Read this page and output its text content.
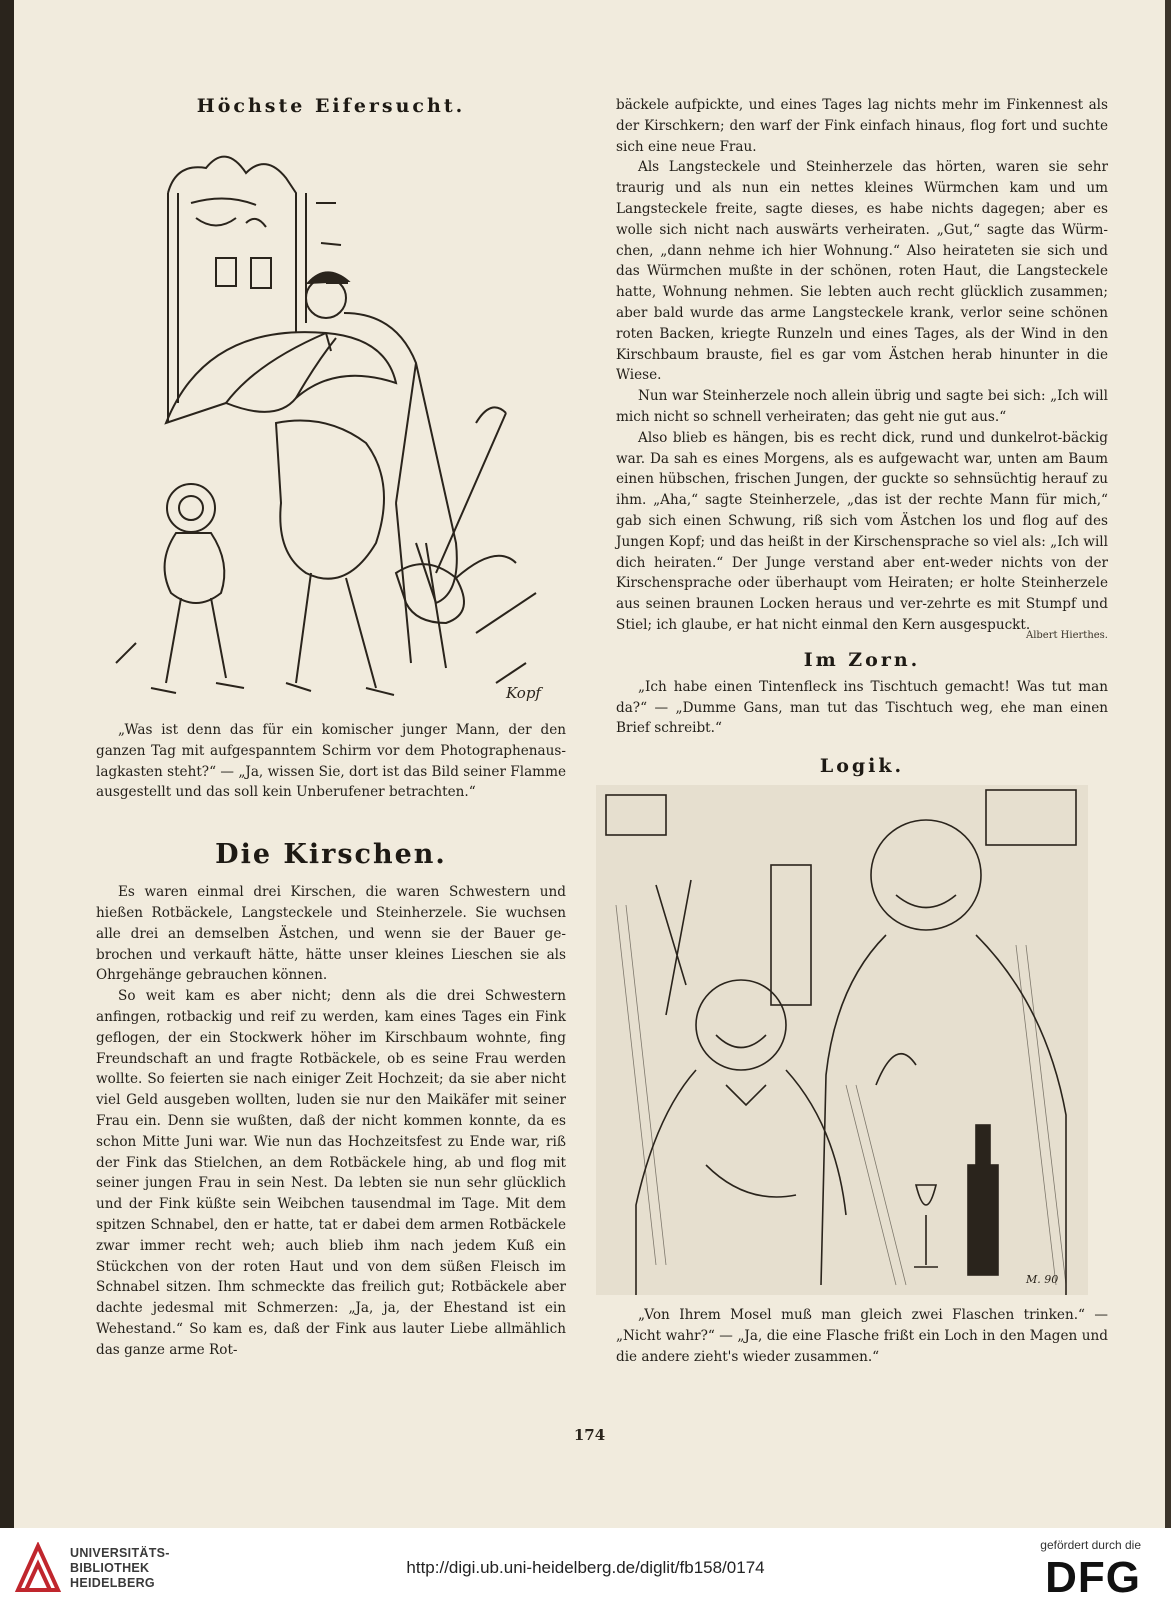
Höchste Eifersucht.
Kopf

„Was ist denn das für ein komischer junger Mann, der den ganzen Tag mit aufgespanntem Schirm vor dem Photographenaus-lagkasten steht?“ — „Ja, wissen Sie, dort ist das Bild seiner Flamme ausgestellt und das soll kein Unberufener betrachten.“

Die Kirschen.

Es waren einmal drei Kirschen, die waren Schwestern und hießen Rotbäckele, Langsteckele und Steinherzele. Sie wuchsen alle drei an demselben Ästchen, und wenn sie der Bauer ge-brochen und verkauft hätte, hätte unser kleines Lieschen sie als Ohrgehänge gebrauchen können.

So weit kam es aber nicht; denn als die drei Schwestern anfingen, rotbackig und reif zu werden, kam eines Tages ein Fink geflogen, der ein Stockwerk höher im Kirschbaum wohnte, fing Freundschaft an und fragte Rotbäckele, ob es seine Frau werden wollte. So feierten sie nach einiger Zeit Hochzeit; da sie aber nicht viel Geld ausgeben wollten, luden sie nur den Maikäfer mit seiner Frau ein. Denn sie wußten, daß der nicht kommen konnte, da es schon Mitte Juni war. Wie nun das Hochzeitsfest zu Ende war, riß der Fink das Stielchen, an dem Rotbäckele hing, ab und flog mit seiner jungen Frau in sein Nest. Da lebten sie nun sehr glücklich und der Fink küßte sein Weibchen tausendmal im Tage. Mit dem spitzen Schnabel, den er hatte, tat er dabei dem armen Rotbäckele zwar immer recht weh; auch blieb ihm nach jedem Kuß ein Stückchen von der roten Haut und von dem süßen Fleisch im Schnabel sitzen. Ihm schmeckte das freilich gut; Rotbäckele aber dachte jedesmal mit Schmerzen: „Ja, ja, der Ehestand ist ein Wehestand.“ So kam es, daß der Fink aus lauter Liebe allmählich das ganze arme Rot-

bäckele aufpickte, und eines Tages lag nichts mehr im Finkennest als der Kirschkern; den warf der Fink einfach hinaus, flog fort und suchte sich eine neue Frau.

Als Langsteckele und Steinherzele das hörten, waren sie sehr traurig und als nun ein nettes kleines Würmchen kam und um Langsteckele freite, sagte dieses, es habe nichts dagegen; aber es wolle sich nicht nach auswärts verheiraten. „Gut,“ sagte das Würm-chen, „dann nehme ich hier Wohnung.“ Also heirateten sie sich und das Würmchen mußte in der schönen, roten Haut, die Langsteckele hatte, Wohnung nehmen. Sie lebten auch recht glücklich zusammen; aber bald wurde das arme Langsteckele krank, verlor seine schönen roten Backen, kriegte Runzeln und eines Tages, als der Wind in den Kirschbaum brauste, fiel es gar vom Ästchen herab hinunter in die Wiese.

Nun war Steinherzele noch allein übrig und sagte bei sich: „Ich will mich nicht so schnell verheiraten; das geht nie gut aus.“

Also blieb es hängen, bis es recht dick, rund und dunkelrot-bäckig war. Da sah es eines Morgens, als es aufgewacht war, unten am Baum einen hübschen, frischen Jungen, der guckte so sehnsüchtig herauf zu ihm. „Aha,“ sagte Steinherzele, „das ist der rechte Mann für mich,“ gab sich einen Schwung, riß sich vom Ästchen los und flog auf des Jungen Kopf; und das heißt in der Kirschensprache so viel als: „Ich will dich heiraten.“ Der Junge verstand aber ent-weder nichts von der Kirschensprache oder überhaupt vom Heiraten; er holte Steinherzele aus seinen braunen Locken heraus und ver-zehrte es mit Stumpf und Stiel; ich glaube, er hat nicht einmal den Kern ausgespuckt.

Albert Hierthes.
Im Zorn.

„Ich habe einen Tintenfleck ins Tischtuch gemacht! Was tut man da?“ — „Dumme Gans, man tut das Tischtuch weg, ehe man einen Brief schreibt.“

Logik.
M. 90

„Von Ihrem Mosel muß man gleich zwei Flaschen trinken.“ — „Nicht wahr?“ — „Ja, die eine Flasche frißt ein Loch in den Magen und die andere zieht's wieder zusammen.“

174
UNIVERSITÄTS-
BIBLIOTHEK
HEIDELBERG
http://digi.ub.uni-heidelberg.de/diglit/fb158/0174
gefördert durch die
DFG
